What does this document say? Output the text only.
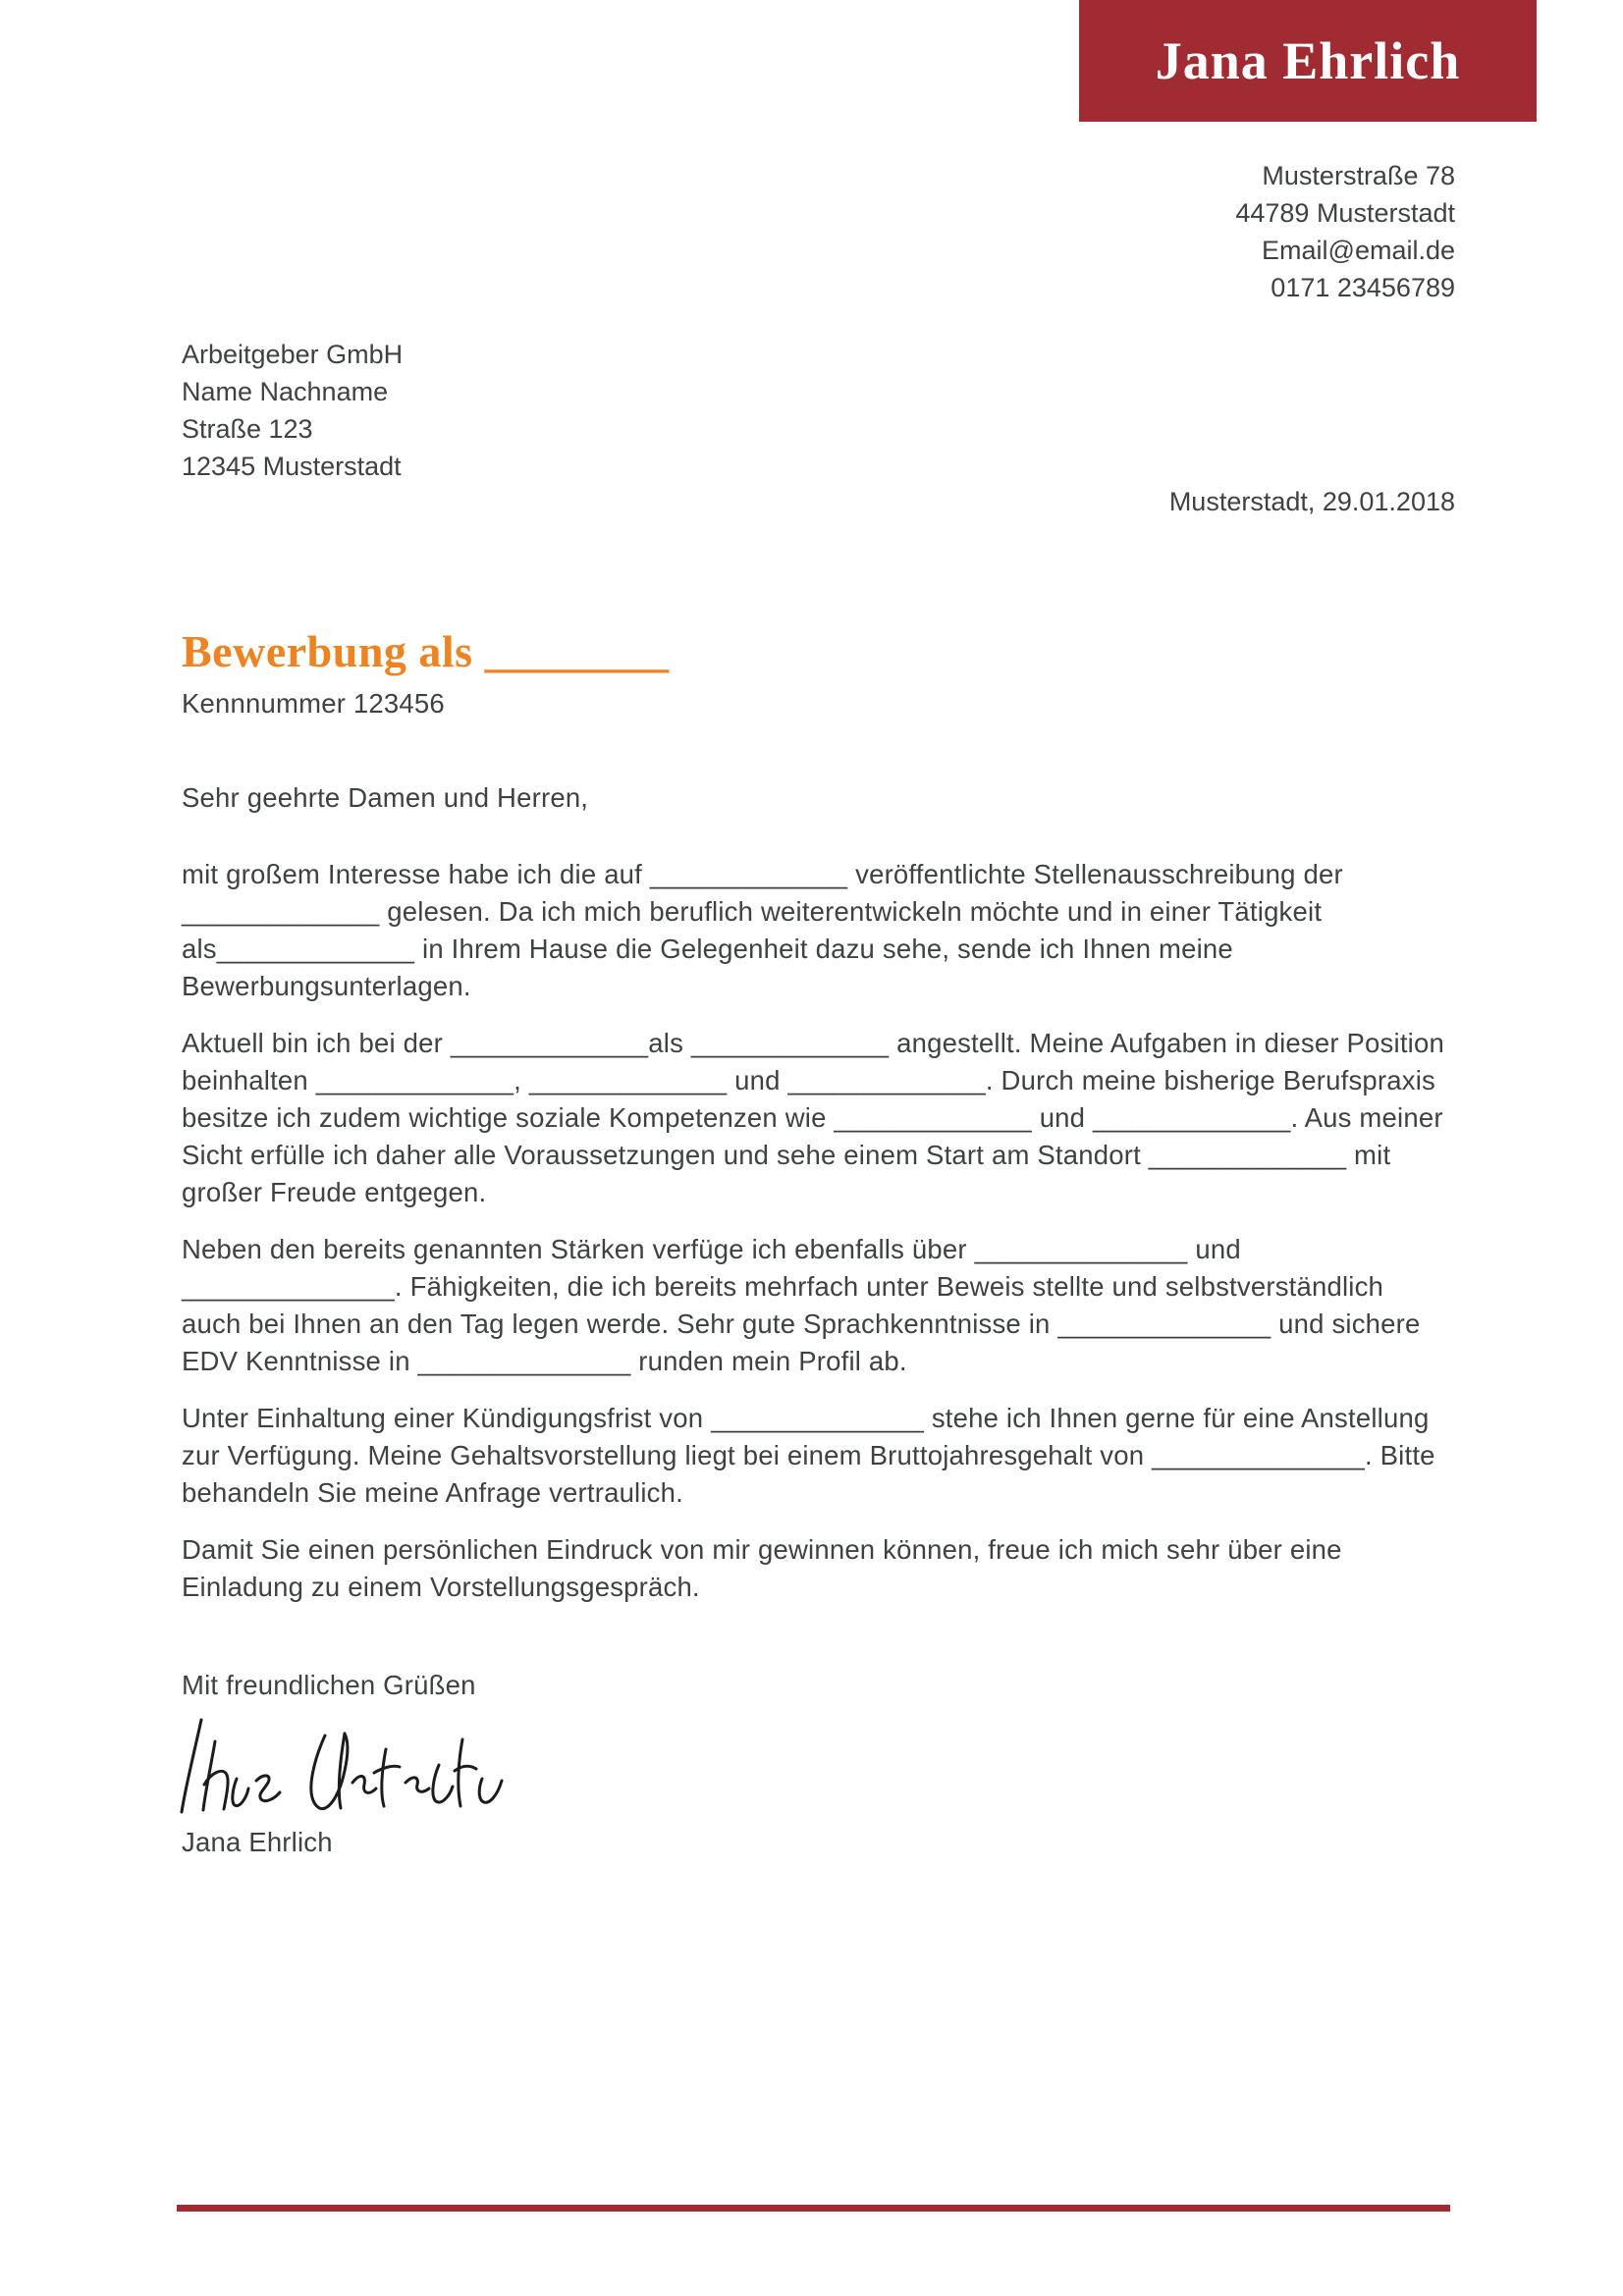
Jana Ehrlich
Musterstraße 78
44789 Musterstadt
Email@email.de
0171 23456789
Arbeitgeber GmbH
Name Nachname
Straße 123
12345 Musterstadt
Musterstadt, 29.01.2018
Bewerbung als ________

Kennnummer 123456

Sehr geehrte Damen und Herren,

mit großem Interesse habe ich die auf _____________ veröffentlichte Stellenausschreibung der _____________ gelesen. Da ich mich beruflich weiterentwickeln möchte und in einer Tätigkeit als_____________ in Ihrem Hause die Gelegenheit dazu sehe, sende ich Ihnen meine Bewerbungsunterlagen.

Aktuell bin ich bei der _____________als _____________ angestellt. Meine Aufgaben in dieser Position beinhalten _____________, _____________ und _____________. Durch meine bisherige Berufspraxis besitze ich zudem wichtige soziale Kompetenzen wie _____________ und _____________. Aus meiner Sicht erfülle ich daher alle Voraussetzungen und sehe einem Start am Standort _____________ mit großer Freude entgegen.

Neben den bereits genannten Stärken verfüge ich ebenfalls über ______________ und ______________. Fähigkeiten, die ich bereits mehrfach unter Beweis stellte und selbstverständlich auch bei Ihnen an den Tag legen werde. Sehr gute Sprachkenntnisse in ______________ und sichere EDV Kenntnisse in ______________ runden mein Profil ab.

Unter Einhaltung einer Kündigungsfrist von ______________ stehe ich Ihnen gerne für eine Anstellung zur Verfügung. Meine Gehaltsvorstellung liegt bei einem Bruttojahresgehalt von ______________. Bitte behandeln Sie meine Anfrage vertraulich.

Damit Sie einen persönlichen Eindruck von mir gewinnen können, freue ich mich sehr über eine Einladung zu einem Vorstellungsgespräch.

Mit freundlichen Grüßen

Jana Ehrlich
